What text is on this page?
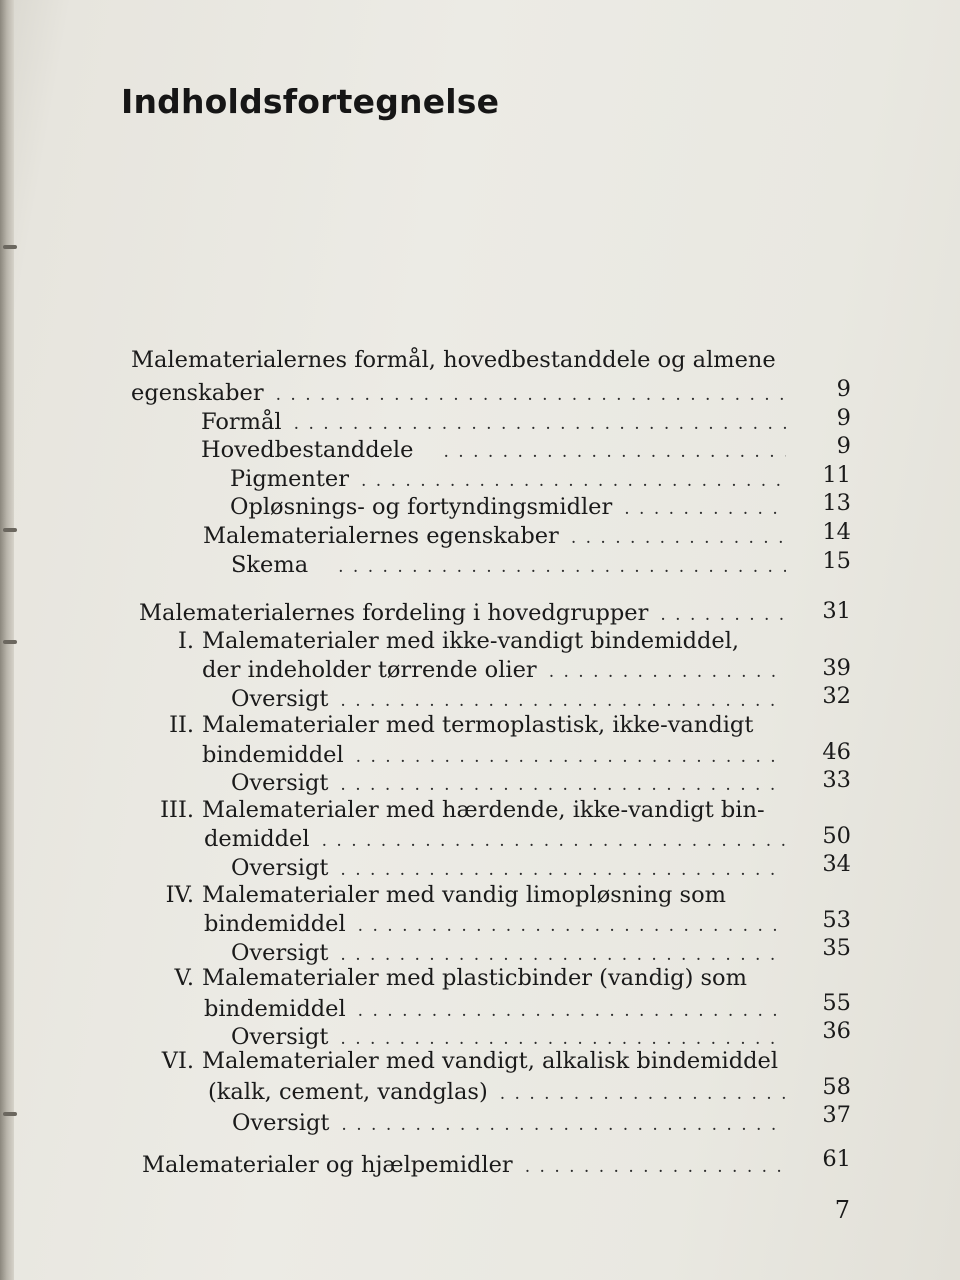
Indholdsfortegnelse
Malematerialernes formål, hovedbestanddele og almene
egenskaber . . .	9
Formål . . .	9
Hovedbestanddele . . .	9
Pigmenter . . .	11
Opløsnings- og fortyndingsmidler . . .	13
Malematerialernes egenskaber . . .	14
Skema . . .	15
Malematerialernes fordeling i hovedgrupper . . .	31
I. Malematerialer med ikke-vandigt bindemiddel,
der indeholder tørrende olier . . .	39
Oversigt . . .	32
II. Malematerialer med termoplastisk, ikke-vandigt
bindemiddel . . .	46
Oversigt . . .	33
III. Malematerialer med hærdende, ikke-vandigt bin-
demiddel . . .	50
Oversigt . . .	34
IV. Malematerialer med vandig limopløsning som
bindemiddel . . .	53
Oversigt . . .	35
V. Malematerialer med plasticbinder (vandig) som
bindemiddel . . .	55
Oversigt . . .	36
VI. Malematerialer med vandigt, alkalisk bindemiddel
(kalk, cement, vandglas) . . .	58
Oversigt . . .	37
Malematerialer og hjælpemidler . . .	61
7
